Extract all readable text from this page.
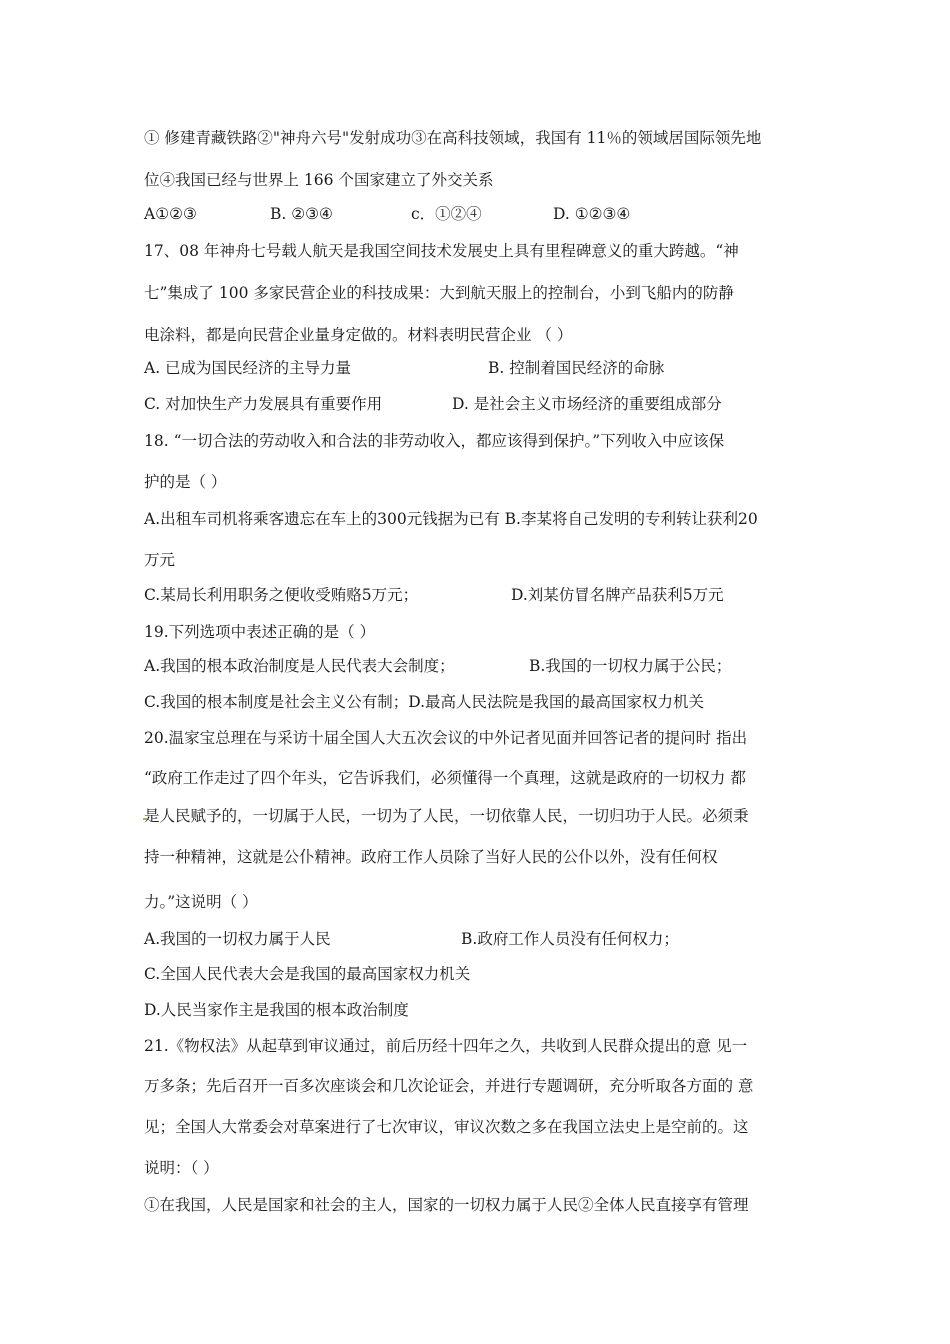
① 修建青藏铁路②"神舟六号"发射成功③在高科技领域，我国有 11％的领域居国际领先地
位④我国已经与世界上 166 个国家建立了外交关系
A①②③	B. ②③④	c．①②④	D. ①②③④
17、08 年神舟七号载人航天是我国空间技术发展史上具有里程碑意义的重大跨越。“神
七”集成了 100 多家民营企业的科技成果：大到航天服上的控制台，小到飞船内的防静
电涂料，都是向民营企业量身定做的。材料表明民营企业 （ ）
A. 已成为国民经济的主导力量	B. 控制着国民经济的命脉
C. 对加快生产力发展具有重要作用	D. 是社会主义市场经济的重要组成部分
18. “一切合法的劳动收入和合法的非劳动收入，都应该得到保护。”下列收入中应该保
护的是（ ）
A.出租车司机将乘客遗忘在车上的300元钱据为已有 B.李某将自己发明的专利转让获利20
万元
C.某局长利用职务之便收受贿赂5万元；	D.刘某仿冒名牌产品获利5万元
19.下列选项中表述正确的是（ ）
A.我国的根本政治制度是人民代表大会制度；	B.我国的一切权力属于公民；
C.我国的根本制度是社会主义公有制；D.最高人民法院是我国的最高国家权力机关
20.温家宝总理在与采访十届全国人大五次会议的中外记者见面并回答记者的提问时 指出
“政府工作走过了四个年头，它告诉我们，必须懂得一个真理，这就是政府的一切权力 都
是人民赋予的，一切属于人民，一切为了人民，一切依靠人民，一切归功于人民。必须秉
持一种精神，这就是公仆精神。政府工作人员除了当好人民的公仆以外，没有任何权
力。”这说明（ ）
A.我国的一切权力属于人民	B.政府工作人员没有任何权力；
C.全国人民代表大会是我国的最高国家权力机关
D.人民当家作主是我国的根本政治制度
21.《物权法》从起草到审议通过，前后历经十四年之久，共收到人民群众提出的意 见一
万多条；先后召开一百多次座谈会和几次论证会，并进行专题调研，充分听取各方面的 意
见；全国人大常委会对草案进行了七次审议，审议次数之多在我国立法史上是空前的。这
说明：（ ）
①在我国，人民是国家和社会的主人，国家的一切权力属于人民②全体人民直接享有管理
